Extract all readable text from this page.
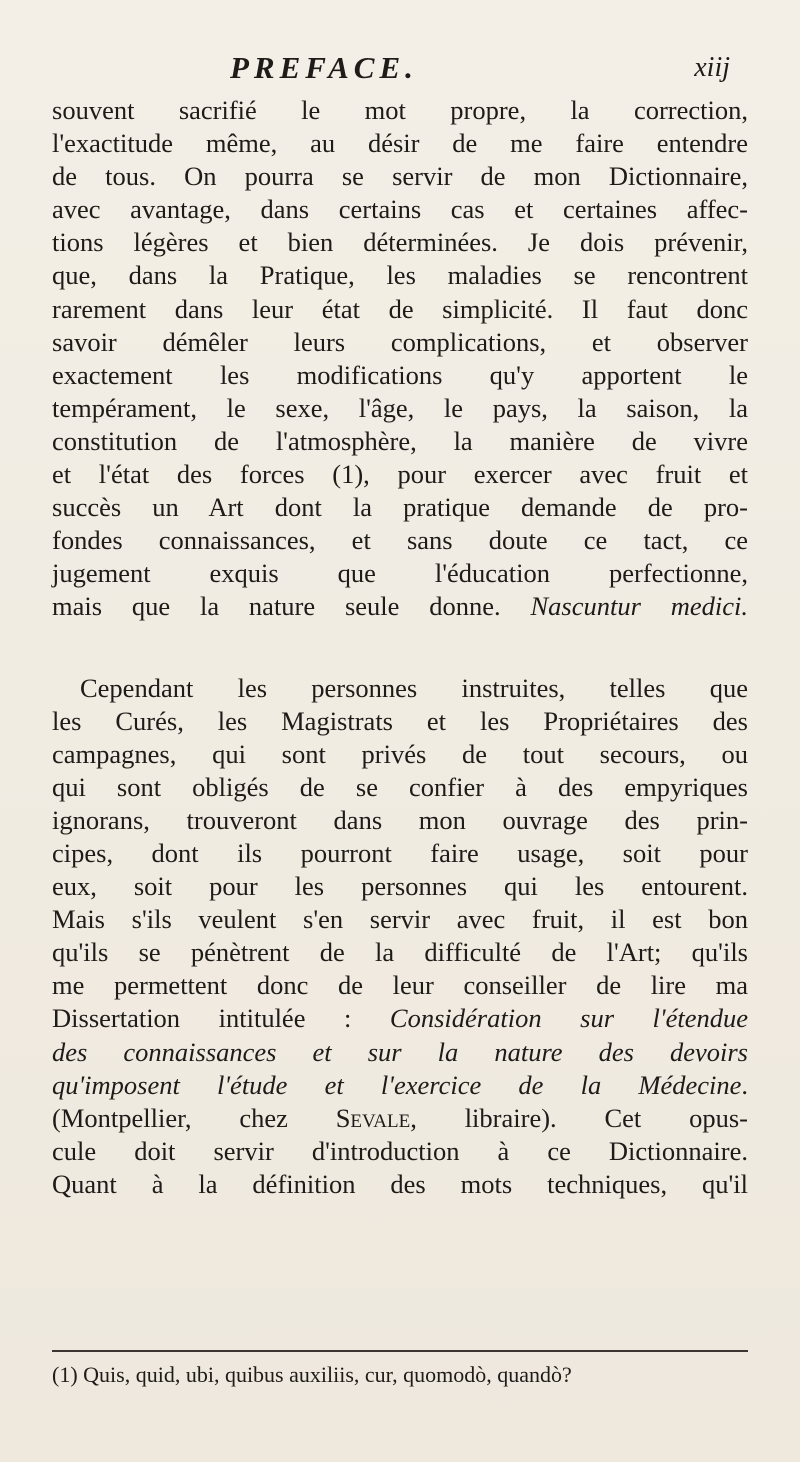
PREFACE.	xiij
souvent sacrifié le mot propre, la correction,
l'exactitude même, au désir de me faire entendre
de tous. On pourra se servir de mon Dictionnaire,
avec avantage, dans certains cas et certaines affec-
tions légères et bien déterminées. Je dois prévenir,
que, dans la Pratique, les maladies se rencontrent
rarement dans leur état de simplicité. Il faut donc
savoir démêler leurs complications, et observer
exactement les modifications qu'y apportent le
tempérament, le sexe, l'âge, le pays, la saison, la
constitution de l'atmosphère, la manière de vivre
et l'état des forces (1), pour exercer avec fruit et
succès un Art dont la pratique demande de pro-
fondes connaissances, et sans doute ce tact, ce
jugement exquis que l'éducation perfectionne,
mais que la nature seule donne. Nascuntur medici.
Cependant les personnes instruites, telles que
les Curés, les Magistrats et les Propriétaires des
campagnes, qui sont privés de tout secours, ou
qui sont obligés de se confier à des empyriques
ignorans, trouveront dans mon ouvrage des prin-
cipes, dont ils pourront faire usage, soit pour
eux, soit pour les personnes qui les entourent.
Mais s'ils veulent s'en servir avec fruit, il est bon
qu'ils se pénètrent de la difficulté de l'Art; qu'ils
me permettent donc de leur conseiller de lire ma
Dissertation intitulée : Considération sur l'étendue
des connaissances et sur la nature des devoirs
qu'imposent l'étude et l'exercice de la Médecine.
(Montpellier, chez Sevale, libraire). Cet opus-
cule doit servir d'introduction à ce Dictionnaire.
Quant à la définition des mots techniques, qu'il
(1) Quis, quid, ubi, quibus auxiliis, cur, quomodò, quandò?
